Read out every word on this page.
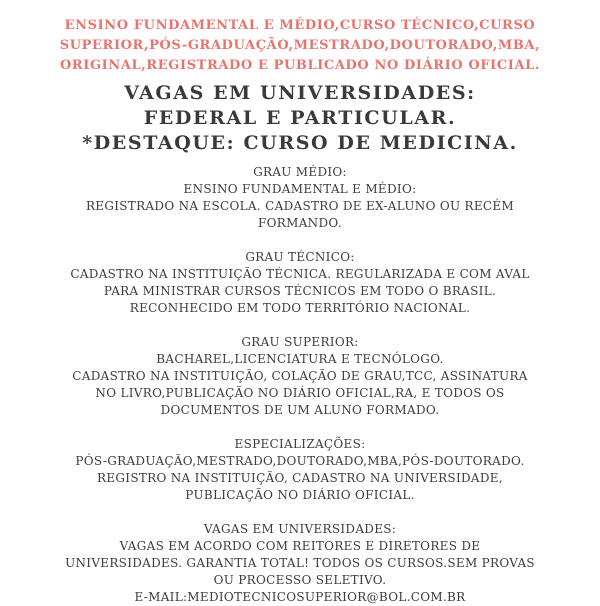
ENSINO FUNDAMENTAL E MÉDIO,CURSO TÉCNICO,CURSO
SUPERIOR,PÓS-GRADUAÇÃO,MESTRADO,DOUTORADO,MBA,
ORIGINAL,REGISTRADO E PUBLICADO NO DIÁRIO OFICIAL.
VAGAS EM UNIVERSIDADES:
FEDERAL E PARTICULAR.
*DESTAQUE: CURSO DE MEDICINA.
GRAU MÉDIO:
ENSINO FUNDAMENTAL E MÉDIO:
REGISTRADO NA ESCOLA. CADASTRO DE EX-ALUNO OU RECÉM
FORMANDO.
GRAU TÉCNICO:
CADASTRO NA INSTITUIÇÃO TÉCNICA. REGULARIZADA E COM AVAL
PARA MINISTRAR CURSOS TÉCNICOS EM TODO O BRASIL.
RECONHECIDO EM TODO TERRITÓRIO NACIONAL.
GRAU SUPERIOR:
BACHAREL,LICENCIATURA E TECNÓLOGO.
CADASTRO NA INSTITUIÇÃO, COLAÇÃO DE GRAU,TCC, ASSINATURA
NO LIVRO,PUBLICAÇÃO NO DIÁRIO OFICIAL,RA, E TODOS OS
DOCUMENTOS DE UM ALUNO FORMADO.
ESPECIALIZAÇÕES:
PÓS-GRADUAÇÃO,MESTRADO,DOUTORADO,MBA,PÓS-DOUTORADO.
REGISTRO NA INSTITUIÇÃO, CADASTRO NA UNIVERSIDADE,
PUBLICAÇÃO NO DIÁRIO OFICIAL.
VAGAS EM UNIVERSIDADES:
VAGAS EM ACORDO COM REITORES E DIRETORES DE
UNIVERSIDADES. GARANTIA TOTAL! TODOS OS CURSOS.SEM PROVAS
OU PROCESSO SELETIVO.
E-MAIL:MEDIOTECNICOSUPERIOR@BOL.COM.BR
